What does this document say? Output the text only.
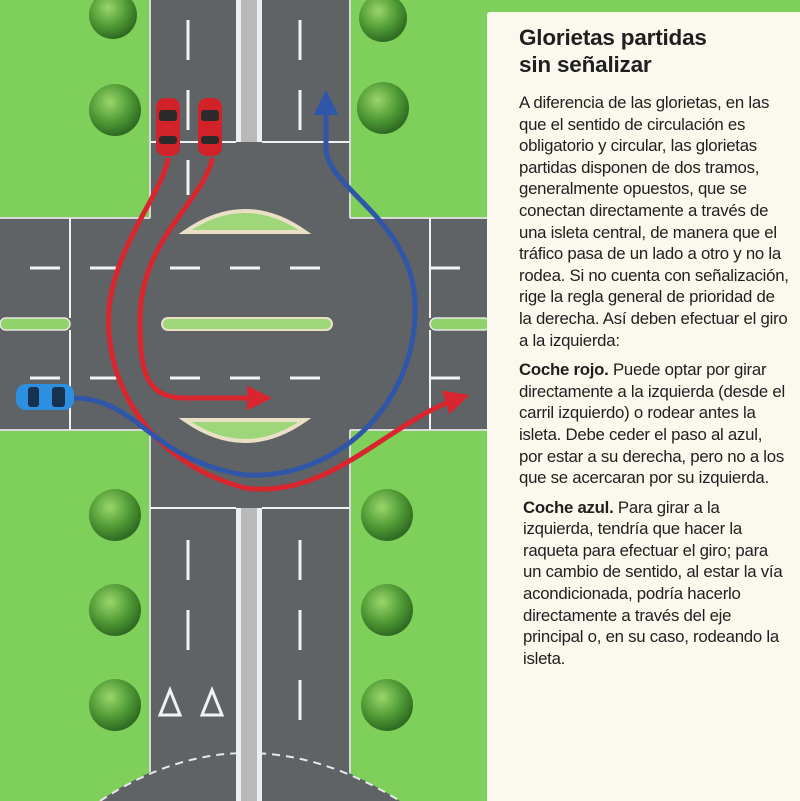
Glorietas partidas
sin señalizar

A diferencia de las glorietas, en las que el sentido de circulación es obligatorio y circular, las glorietas partidas disponen de dos tramos, generalmente opuestos, que se conectan directamente a través de una isleta central, de manera que el tráfico pasa de un lado a otro y no la rodea. Si no cuenta con señalización, rige la regla general de prioridad de la derecha. Así deben efectuar el giro a la izquierda:

Coche rojo. Puede optar por girar directamente a la izquierda (desde el carril izquierdo) o rodear antes la isleta. Debe ceder el paso al azul, por estar a su derecha, pero no a los que se acercaran por su izquierda.

Coche azul. Para girar a la izquierda, tendría que hacer la raqueta para efectuar el giro; para un cambio de sentido, al estar la vía acondicionada, podría hacerlo directamente a través del eje principal o, en su caso, rodeando la isleta.
